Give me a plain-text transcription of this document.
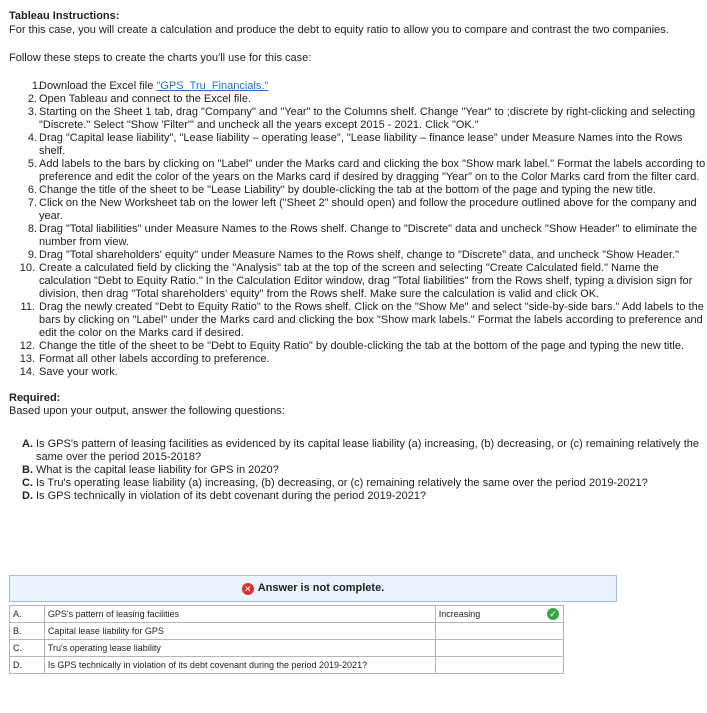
Tableau Instructions:

For this case, you will create a calculation and produce the debt to equity ratio to allow you to compare and contrast the two companies.

Follow these steps to create the charts you'll use for this case:

1.
Download the Excel file "GPS_Tru_Financials."
2. Open Tableau and connect to the Excel file.
3. Starting on the Sheet 1 tab, drag "Company" and "Year" to the Columns shelf. Change "Year" to ;discrete by right-clicking and selecting "Discrete." Select "Show 'Filter'" and uncheck all the years except 2015 - 2021. Click "OK."
4. Drag "Capital lease liability", "Lease liability – operating lease", "Lease liability – finance lease" under Measure Names into the Rows shelf.
5. Add labels to the bars by clicking on "Label" under the Marks card and clicking the box "Show mark label." Format the labels according to preference and edit the color of the years on the Marks card if desired by dragging "Year" on to the Color Marks card from the filter card.
6. Change the title of the sheet to be "Lease Liability" by double-clicking the tab at the bottom of the page and typing the new title.
7. Click on the New Worksheet tab on the lower left ("Sheet 2" should open) and follow the procedure outlined above for the company and year.
8. Drag "Total liabilities" under Measure Names to the Rows shelf. Change to "Discrete" data and uncheck "Show Header" to eliminate the number from view.
9. Drag "Total shareholders' equity" under Measure Names to the Rows shelf, change to "Discrete" data, and uncheck "Show Header."
10. Create a calculated field by clicking the "Analysis" tab at the top of the screen and selecting "Create Calculated field." Name the calculation "Debt to Equity Ratio." In the Calculation Editor window, drag "Total liabilities" from the Rows shelf, typing a division sign for division, then drag "Total shareholders' equity" from the Rows shelf. Make sure the calculation is valid and click OK.
11. Drag the newly created "Debt to Equity Ratio" to the Rows shelf. Click on the "Show Me" and select "side-by-side bars." Add labels to the bars by clicking on "Label" under the Marks card and clicking the box "Show mark labels." Format the labels according to preference and edit the color on the Marks card if desired.
12. Change the title of the sheet to be "Debt to Equity Ratio" by double-clicking the tab at the bottom of the page and typing the new title.
13. Format all other labels according to preference.
14. Save your work.

Required:

Based upon your output, answer the following questions:

A. Is GPS's pattern of leasing facilities as evidenced by its capital lease liability (a) increasing, (b) decreasing, or (c) remaining relatively the same over the period 2015-2018?
B. What is the capital lease liability for GPS in 2020?
C. Is Tru's operating lease liability (a) increasing, (b) decreasing, or (c) remaining relatively the same over the period 2019-2021?
D. Is GPS technically in violation of its debt covenant during the period 2019-2021?
✕ Answer is not complete.
A.	GPS's pattern of leasing facilities	Increasing ✓

B.	Capital lease liability for GPS	
C.	Tru's operating lease liability	
D.	Is GPS technically in violation of its debt covenant during the period 2019-2021?	
